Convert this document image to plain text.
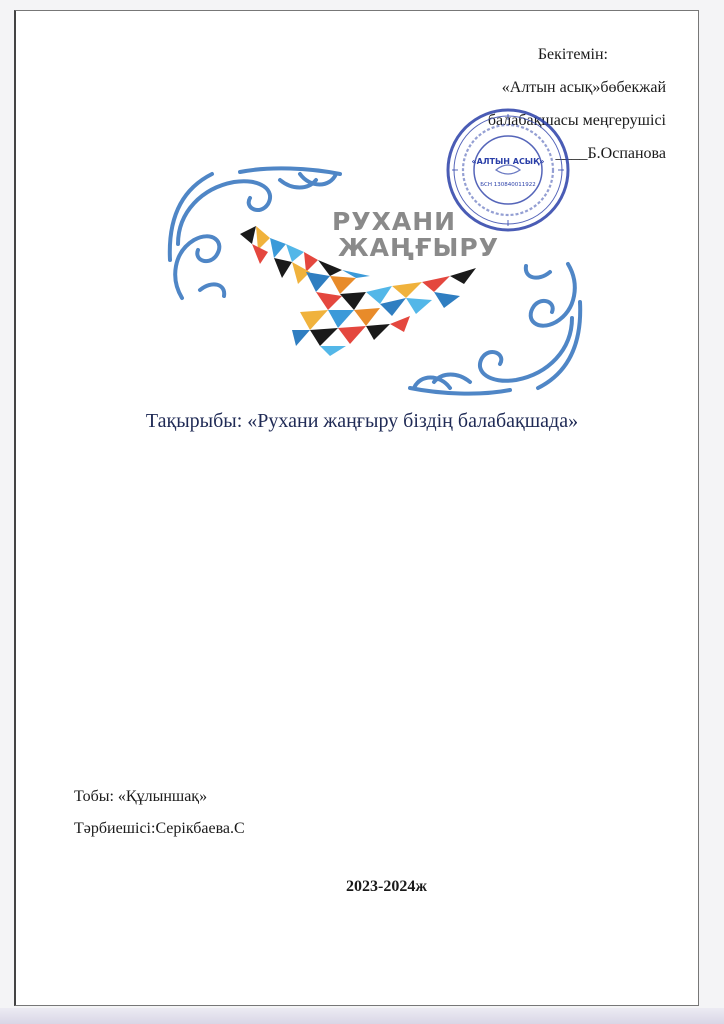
Бекітемін:
«Алтын асық»бөбекжай
балабақшасы меңгерушісі
____Б.Оспанова
«АЛТЫН АСЫҚ»
БСН 130840011922
РУХАНИ
ЖАҢҒЫРУ
Тақырыбы: «Рухани жаңғыру біздің балабақшада»
Тобы: «Құлыншақ»
Тәрбиешісі:Серікбаева.С
2023-2024ж
